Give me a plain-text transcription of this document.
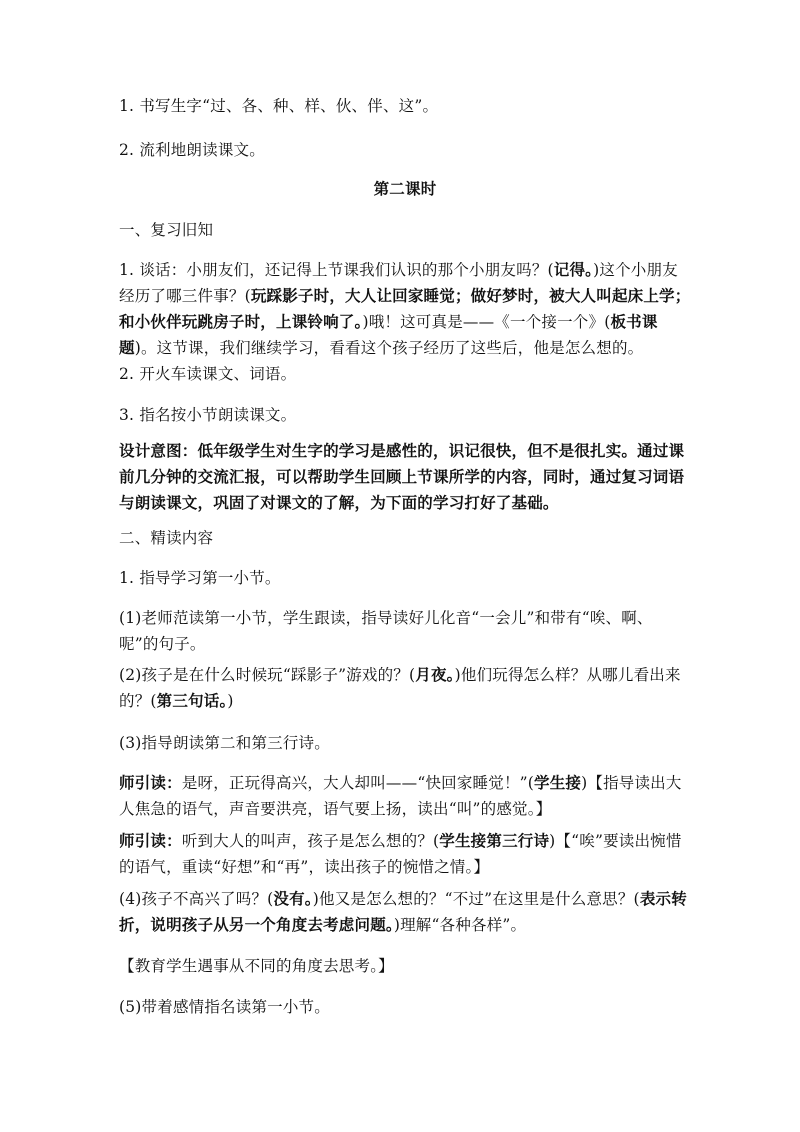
1. 书写生字“过、各、种、样、伙、伴、这”。

2. 流利地朗读课文。

第二课时

一、复习旧知

1. 谈话：小朋友们，还记得上节课我们认识的那个小朋友吗？(记得。)这个小朋友经历了哪三件事？(玩踩影子时，大人让回家睡觉；做好梦时，被大人叫起床上学；和小伙伴玩跳房子时，上课铃响了。)哦！这可真是——《一个接一个》(板书课题)。这节课，我们继续学习，看看这个孩子经历了这些后，他是怎么想的。

2. 开火车读课文、词语。

3. 指名按小节朗读课文。

设计意图：低年级学生对生字的学习是感性的，识记很快，但不是很扎实。通过课前几分钟的交流汇报，可以帮助学生回顾上节课所学的内容，同时，通过复习词语与朗读课文，巩固了对课文的了解，为下面的学习打好了基础。

二、精读内容

1. 指导学习第一小节。

(1)老师范读第一小节，学生跟读，指导读好儿化音“一会儿”和带有“唉、啊、呢”的句子。

(2)孩子是在什么时候玩“踩影子”游戏的？(月夜。)他们玩得怎么样？从哪儿看出来的？(第三句话。)

(3)指导朗读第二和第三行诗。

师引读：是呀，正玩得高兴，大人却叫——“快回家睡觉！”(学生接)【指导读出大人焦急的语气，声音要洪亮，语气要上扬，读出“叫”的感觉。】

师引读：听到大人的叫声，孩子是怎么想的？(学生接第三行诗)【“唉”要读出惋惜的语气，重读“好想”和“再”，读出孩子的惋惜之情。】

(4)孩子不高兴了吗？(没有。)他又是怎么想的？“不过”在这里是什么意思？(表示转折，说明孩子从另一个角度去考虑问题。)理解“各种各样”。

【教育学生遇事从不同的角度去思考。】

(5)带着感情指名读第一小节。
